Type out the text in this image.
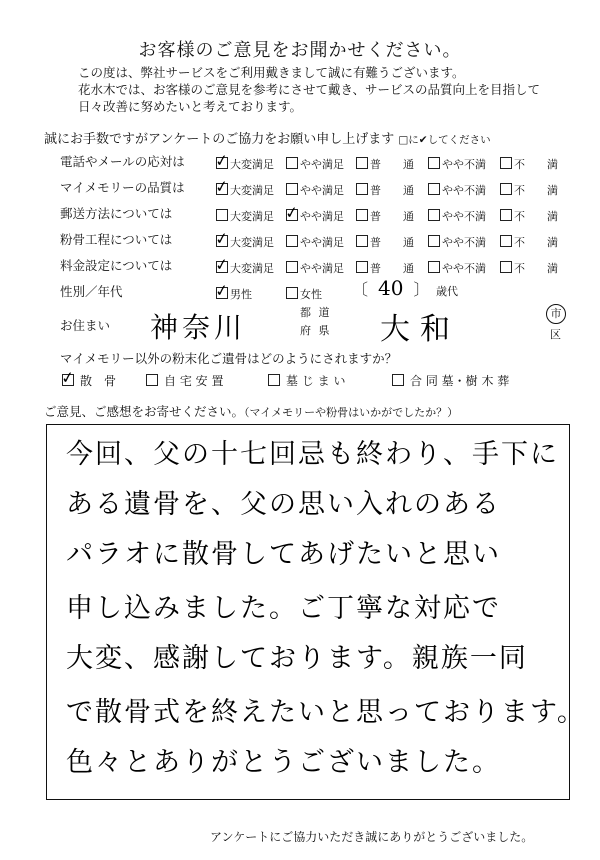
お客様のご意見をお聞かせください。
この度は、弊社サービスをご利用戴きまして誠に有難うございます。
花水木では、お客様のご意見を参考にさせて戴き、サービスの品質向上を目指して
日々改善に努めたいと考えております。
誠にお手数ですがアンケートのご協力をお願い申し上げます □に✔してください
電話やメールの応対は ✓ 大変満足	やや満足	普　　通	やや不満	不　　満
マイメモリーの品質は ✓ 大変満足	やや満足	普　　通	やや不満	不　　満
郵送方法については	大変満足 ✓ やや満足	普　　通	やや不満	不　　満
粉骨工程については	✓ 大変満足	やや満足	普　　通	やや不満	不　　満
料金設定については	✓ 大変満足	やや満足	普　　通	やや不満	不　　満
性別／年代	✓ 男性	女性 〔 40 〕 歳代
お住まい 神奈川	都 道
府 県 大和	市
区
マイメモリー以外の粉末化ご遺骨はどのようにされますか？
✓ 散　骨	自 宅 安 置	墓 じ ま い	合 同 墓・樹 木 葬
ご意見、ご感想をお寄せください。（マイメモリーや粉骨はいかがでしたか？）
今回、父の十七回忌も終わり、手下に
ある遺骨を、父の思い入れのある
パラオに散骨してあげたいと思い
申し込みました。ご丁寧な対応で
大変、感謝しております。親族一同
で散骨式を終えたいと思っております。
色々とありがとうございました。
アンケートにご協力いただき誠にありがとうございました。
